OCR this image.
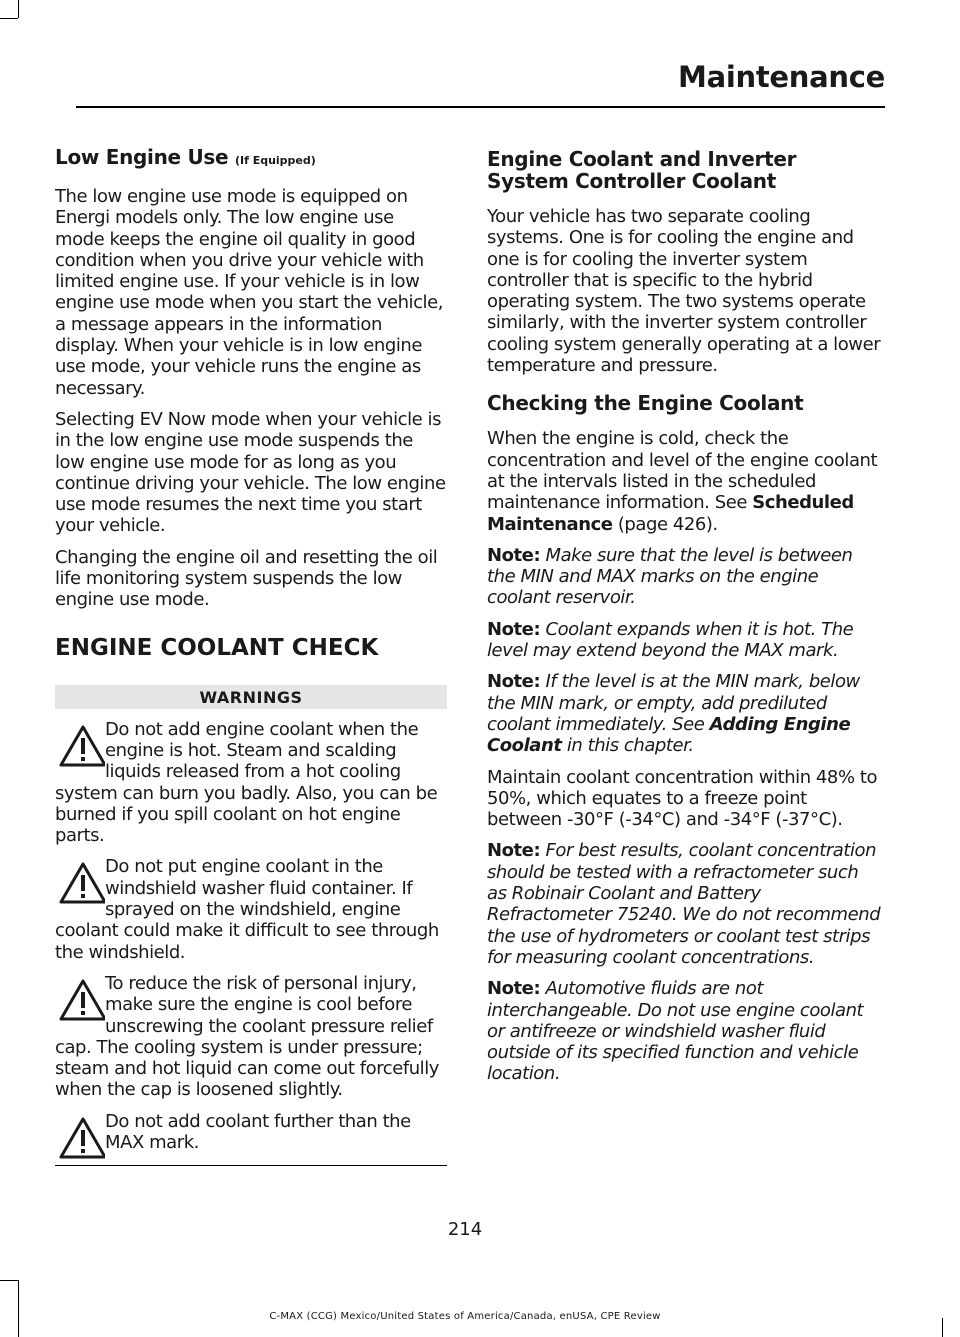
Maintenance
Low Engine Use (If Equipped)

The low engine use mode is equipped on Energi models only. The low engine use mode keeps the engine oil quality in good condition when you drive your vehicle with limited engine use. If your vehicle is in low engine use mode when you start the vehicle, a message appears in the information display. When your vehicle is in low engine use mode, your vehicle runs the engine as necessary.

Selecting EV Now mode when your vehicle is in the low engine use mode suspends the low engine use mode for as long as you continue driving your vehicle. The low engine use mode resumes the next time you start your vehicle.

Changing the engine oil and resetting the oil life monitoring system suspends the low engine use mode.

ENGINE COOLANT CHECK
WARNINGS

Do not add engine coolant when the engine is hot. Steam and scalding liquids released from a hot cooling system can burn you badly. Also, you can be burned if you spill coolant on hot engine parts.

Do not put engine coolant in the windshield washer fluid container. If sprayed on the windshield, engine coolant could make it difficult to see through the windshield.

To reduce the risk of personal injury, make sure the engine is cool before unscrewing the coolant pressure relief cap. The cooling system is under pressure; steam and hot liquid can come out forcefully when the cap is loosened slightly.

Do not add coolant further than the MAX mark.

Engine Coolant and Inverter System Controller Coolant

Your vehicle has two separate cooling systems. One is for cooling the engine and one is for cooling the inverter system controller that is specific to the hybrid operating system. The two systems operate similarly, with the inverter system controller cooling system generally operating at a lower temperature and pressure.

Checking the Engine Coolant

When the engine is cold, check the concentration and level of the engine coolant at the intervals listed in the scheduled maintenance information. See Scheduled Maintenance (page 426).

Note: Make sure that the level is between the MIN and MAX marks on the engine coolant reservoir.

Note: Coolant expands when it is hot. The level may extend beyond the MAX mark.

Note: If the level is at the MIN mark, below the MIN mark, or empty, add prediluted coolant immediately. See Adding Engine Coolant in this chapter.

Maintain coolant concentration within 48% to 50%, which equates to a freeze point between -30°F (-34°C) and -34°F (-37°C).

Note: For best results, coolant concentration should be tested with a refractometer such as Robinair Coolant and Battery Refractometer 75240. We do not recommend the use of hydrometers or coolant test strips for measuring coolant concentrations.

Note: Automotive fluids are not interchangeable. Do not use engine coolant or antifreeze or windshield washer fluid outside of its specified function and vehicle location.

214
C-MAX (CCG) Mexico/United States of America/Canada, enUSA, CPE Review
